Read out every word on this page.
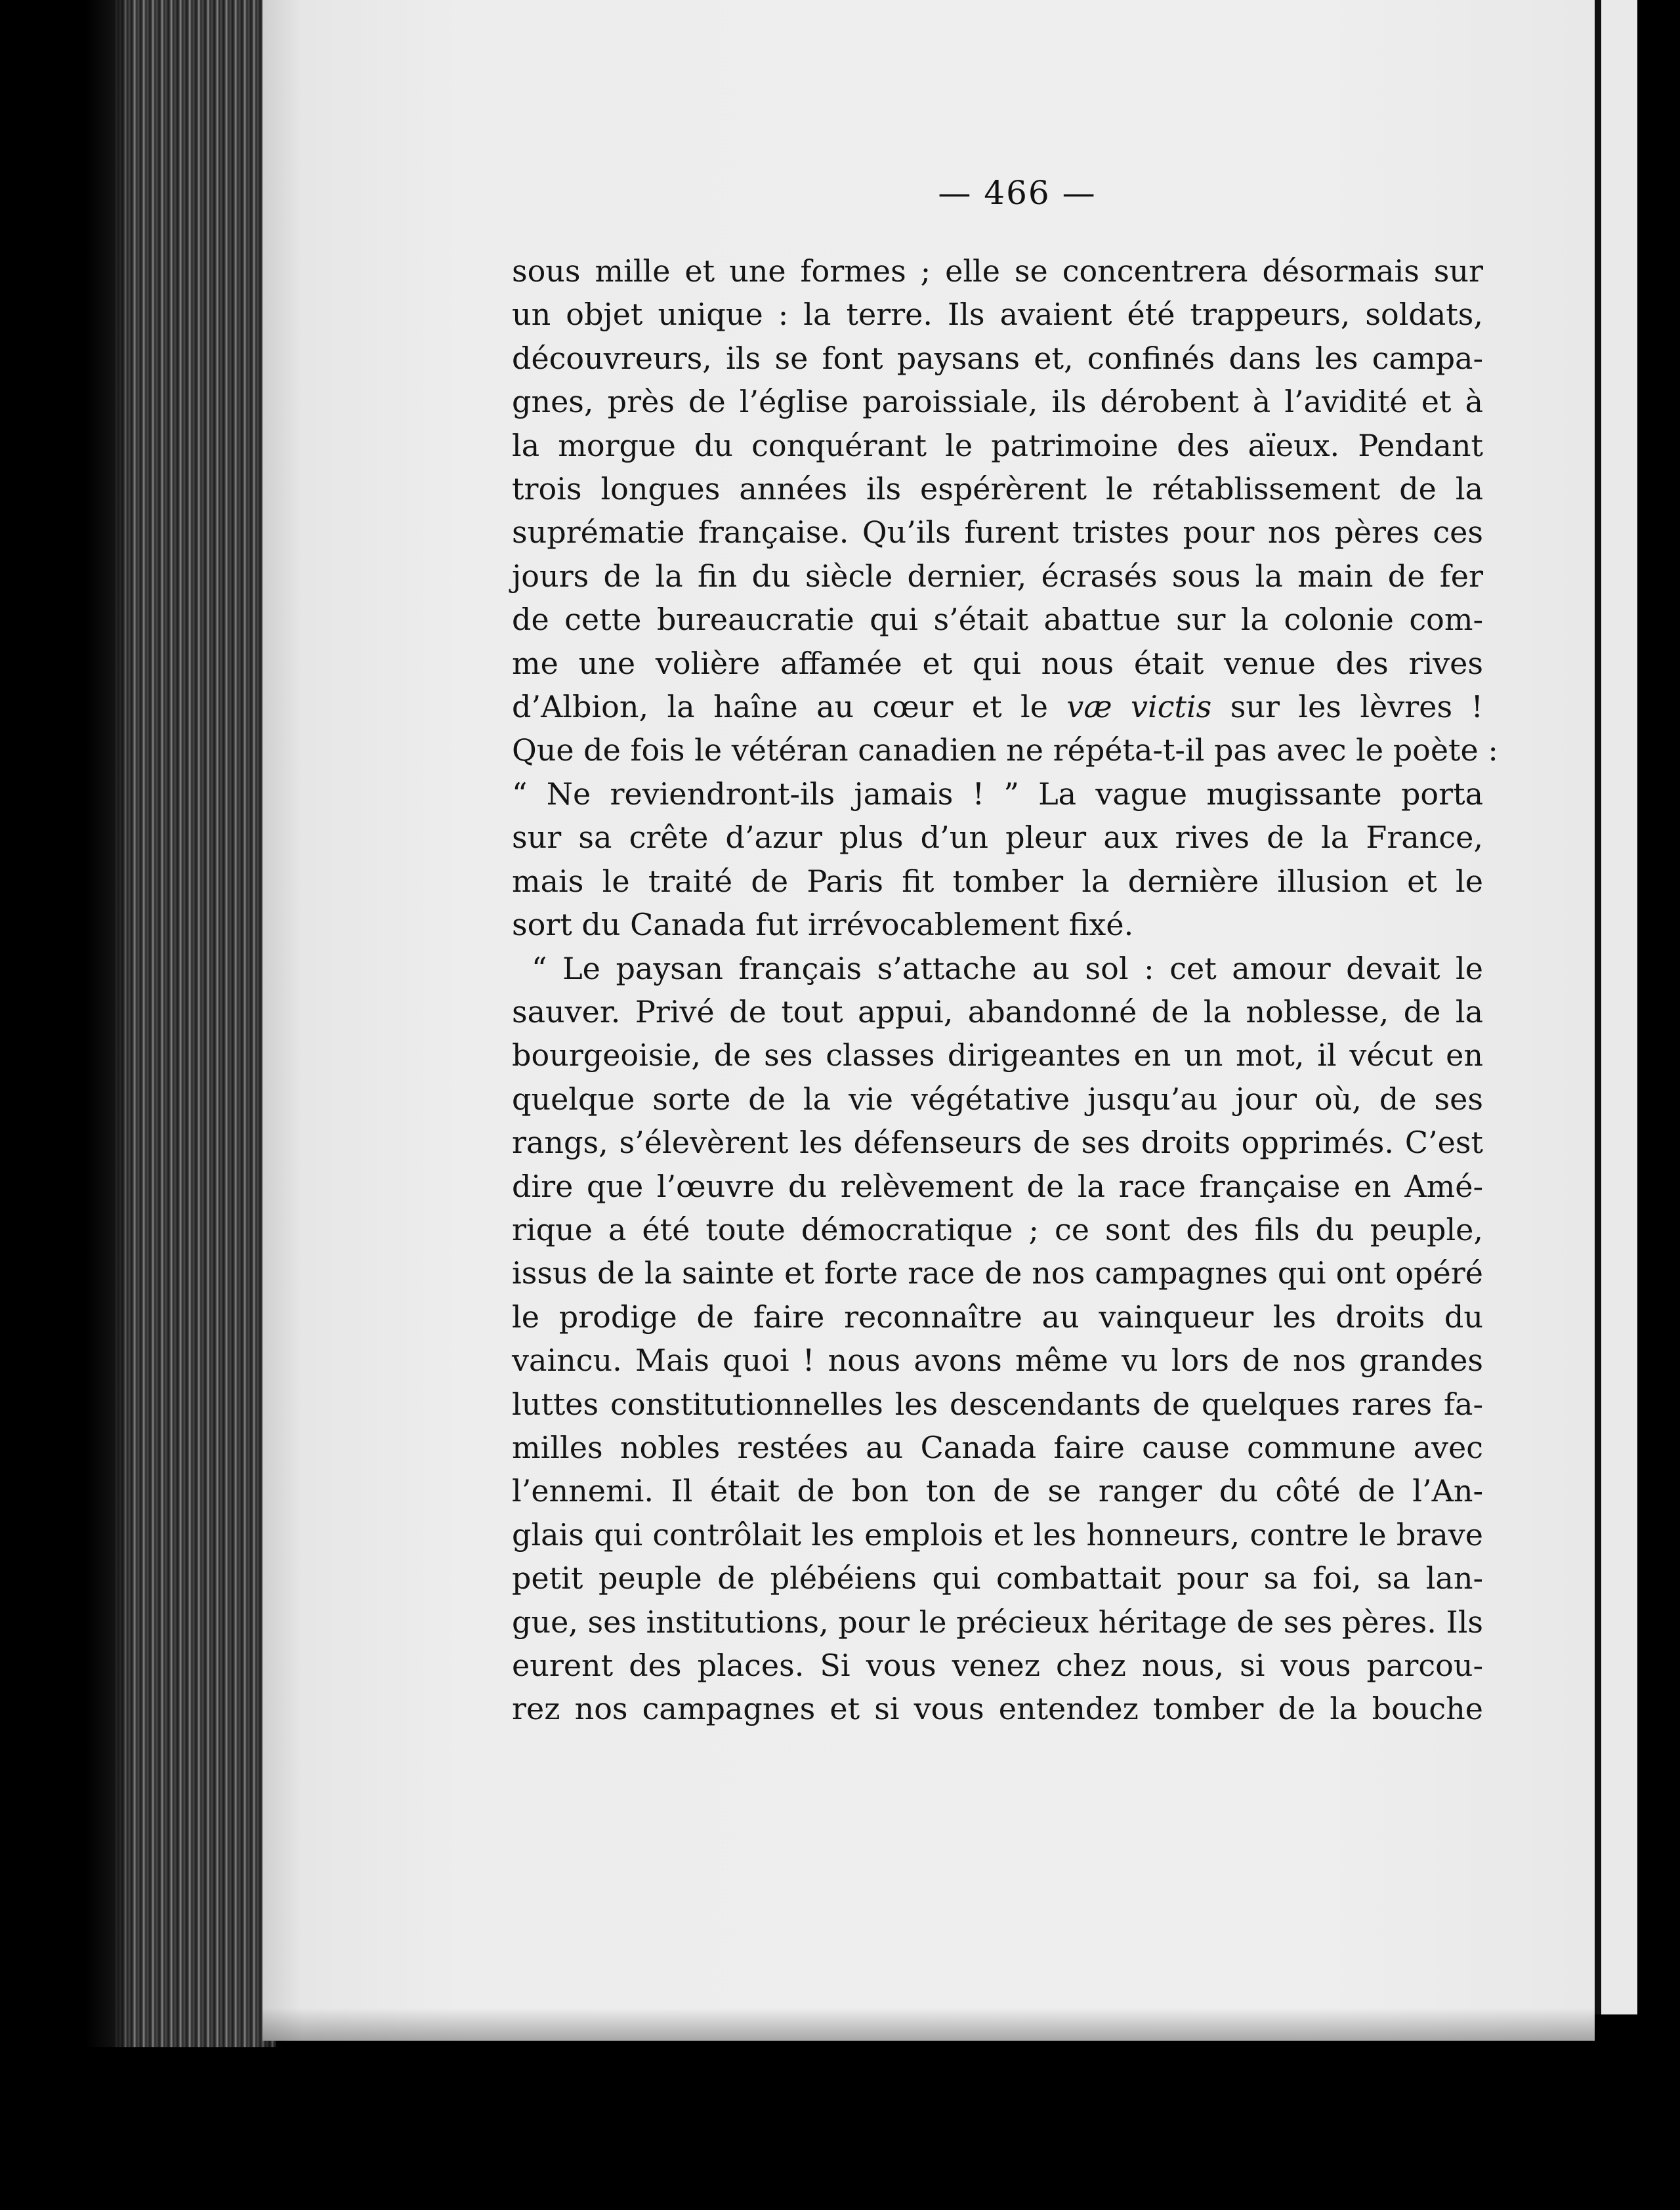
— 466 —
sous mille et une formes ; elle se concentrera désormais sur
un objet unique : la terre. Ils avaient été trappeurs, soldats,
découvreurs, ils se font paysans et, confinés dans les campa-
gnes, près de l’église paroissiale, ils dérobent à l’avidité et à
la morgue du conquérant le patrimoine des aïeux. Pendant
trois longues années ils espérèrent le rétablissement de la
suprématie française. Qu’ils furent tristes pour nos pères ces
jours de la fin du siècle dernier, écrasés sous la main de fer
de cette bureaucratie qui s’était abattue sur la colonie com-
me une volière affamée et qui nous était venue des rives
d’Albion, la haîne au cœur et le væ victis sur les lèvres !
Que de fois le vétéran canadien ne répéta-t-il pas avec le poète :
“ Ne reviendront-ils jamais ! ” La vague mugissante porta
sur sa crête d’azur plus d’un pleur aux rives de la France,
mais le traité de Paris fit tomber la dernière illusion et le
sort du Canada fut irrévocablement fixé.
“ Le paysan français s’attache au sol : cet amour devait le
sauver. Privé de tout appui, abandonné de la noblesse, de la
bourgeoisie, de ses classes dirigeantes en un mot, il vécut en
quelque sorte de la vie végétative jusqu’au jour où, de ses
rangs, s’élevèrent les défenseurs de ses droits opprimés. C’est
dire que l’œuvre du relèvement de la race française en Amé-
rique a été toute démocratique ; ce sont des fils du peuple,
issus de la sainte et forte race de nos campagnes qui ont opéré
le prodige de faire reconnaître au vainqueur les droits du
vaincu. Mais quoi ! nous avons même vu lors de nos grandes
luttes constitutionnelles les descendants de quelques rares fa-
milles nobles restées au Canada faire cause commune avec
l’ennemi. Il était de bon ton de se ranger du côté de l’An-
glais qui contrôlait les emplois et les honneurs, contre le brave
petit peuple de plébéiens qui combattait pour sa foi, sa lan-
gue, ses institutions, pour le précieux héritage de ses pères. Ils
eurent des places. Si vous venez chez nous, si vous parcou-
rez nos campagnes et si vous entendez tomber de la bouche
